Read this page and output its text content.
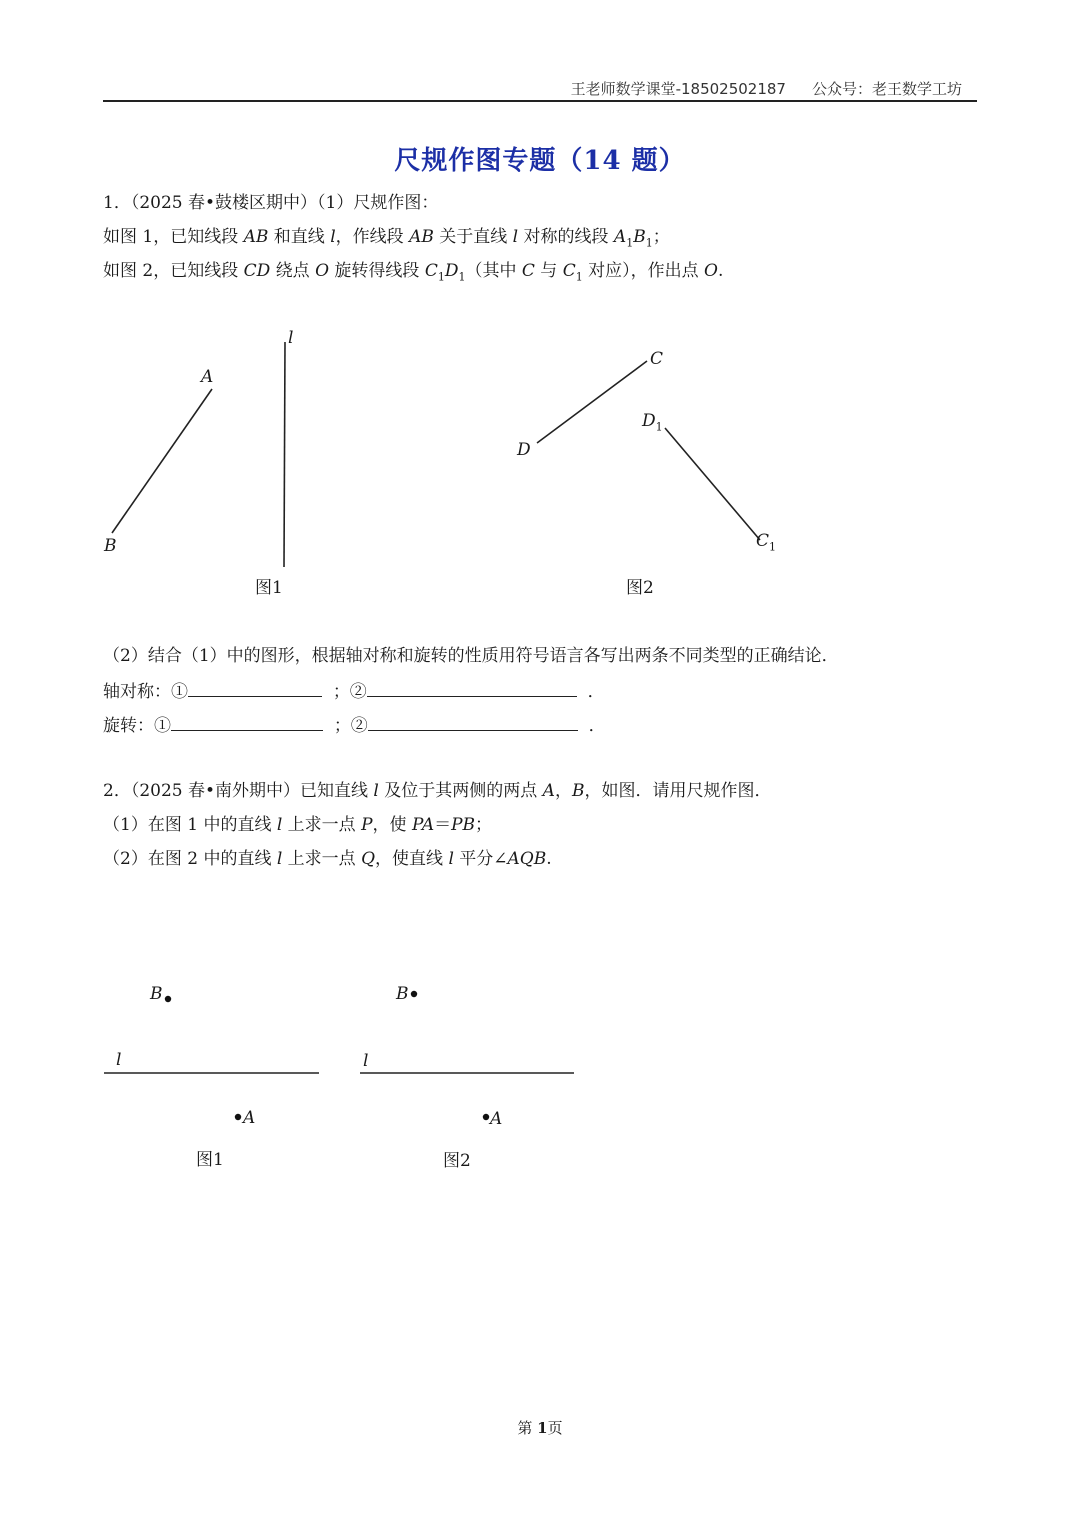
王老师数学课堂-18502502187 公众号：老王数学工坊
尺规作图专题（14 题）
1．（2025 春•鼓楼区期中）（1）尺规作图：
如图 1，已知线段 AB 和直线 l，作线段 AB 关于直线 l 对称的线段 $A_1B_1$；
如图 2，已知线段 CD 绕点 O 旋转得线段 $C_1D_1$（其中 C 与 $C_1$ 对应），作出点 O.
l
A
B
图1
C
D
$D_1$
$C_1$
图2
（2）结合（1）中的图形，根据轴对称和旋转的性质用符号语言各写出两条不同类型的正确结论．
轴对称：①	；②	．
旋转：①	；②	．
2．（2025 春•南外期中）已知直线 l 及位于其两侧的两点 A，B，如图．请用尺规作图．
（1）在图 1 中的直线 l 上求一点 P，使 PA＝PB；
（2）在图 2 中的直线 l 上求一点 Q，使直线 l 平分∠AQB.
B
l
A
图1
B
l
A
图2
第 1页
